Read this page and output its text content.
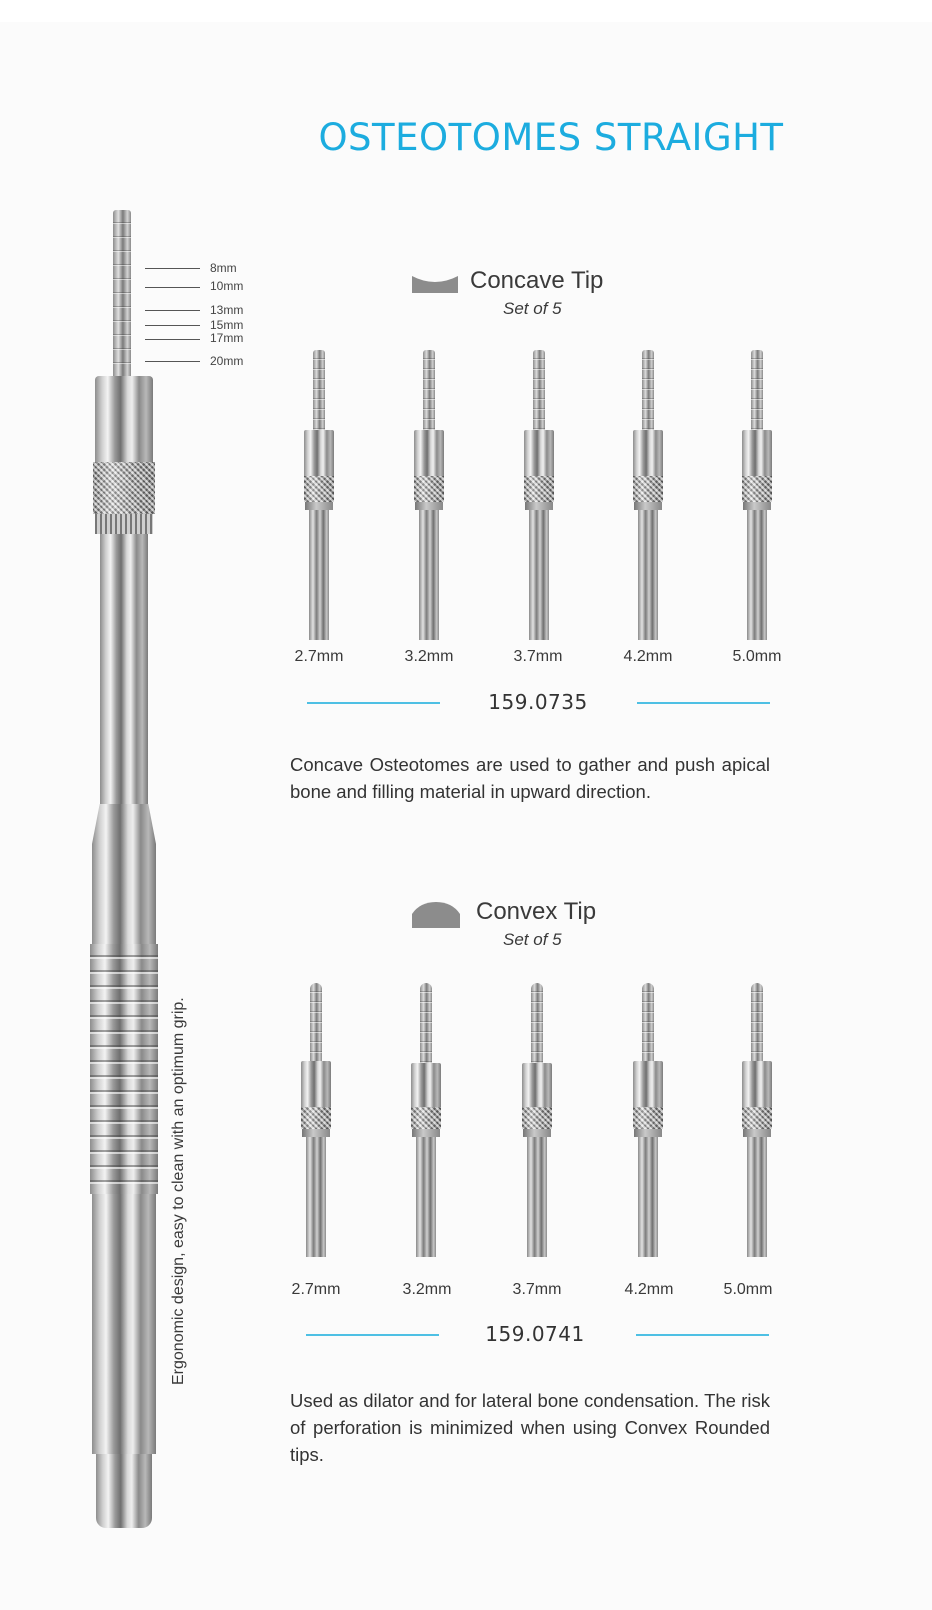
OSTEOTOMES STRAIGHT
8mm
10mm
13mm
15mm
17mm
20mm
Ergonomic design, easy to clean with an optimum grip.
Concave Tip
Set of 5
2.7mm	3.2mm	3.7mm	4.2mm	5.0mm
159.0735

Concave Osteotomes are used to gather and push apical bone and filling material in upward direction.

Convex Tip
Set of 5
2.7mm	3.2mm	3.7mm	4.2mm	5.0mm
159.0741

Used as dilator and for lateral bone condensation. The risk of perforation is minimized when using Convex Rounded tips.
